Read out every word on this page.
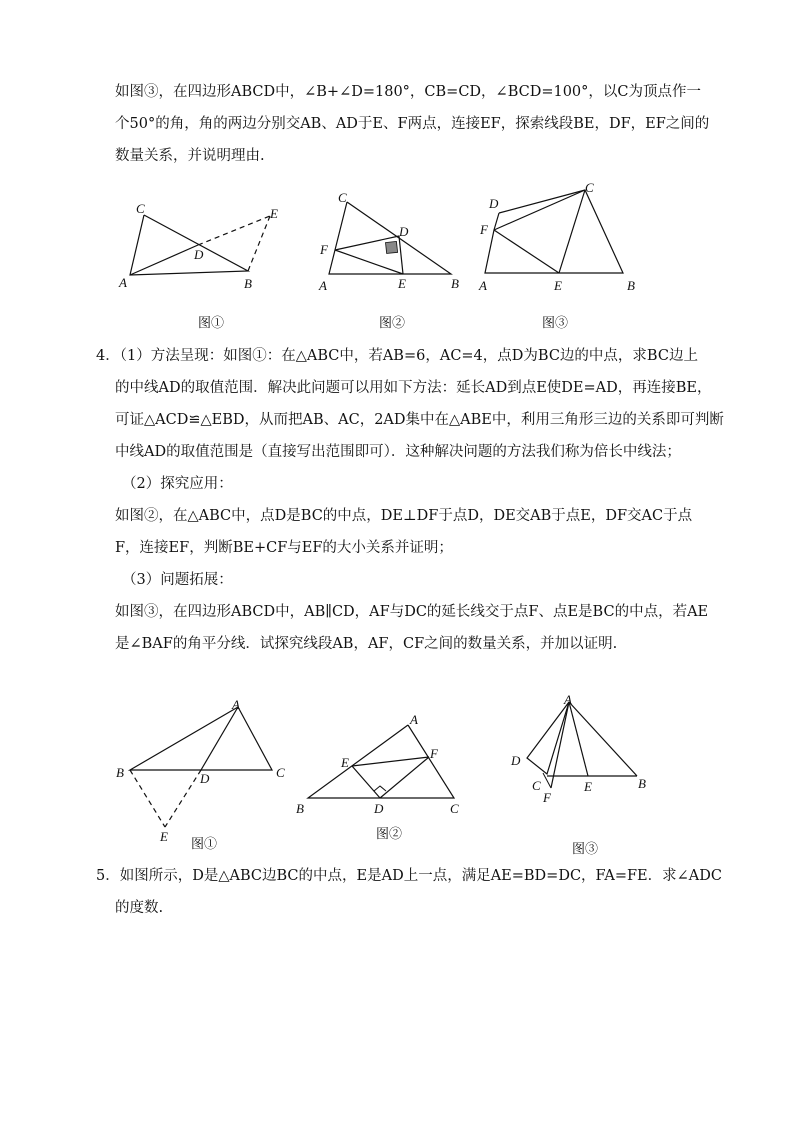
如图③，在四边形ABCD中，∠B+∠D=180°，CB=CD，∠BCD=100°，以C为顶点作一
个50°的角，角的两边分别交AB、AD于E、F两点，连接EF，探索线段BE，DF，EF之间的
数量关系，并说明理由.
C
D
E
A	B
图①
C
D
F
A	E	B
图②
D
C
F
A	E	B
图③
4．（1）方法呈现：如图①：在△ABC中，若AB=6，AC=4，点D为BC边的中点，求BC边上
的中线AD的取值范围．解决此问题可以用如下方法：延长AD到点E使DE=AD，再连接BE，
可证△ACD≌△EBD，从而把AB、AC，2AD集中在△ABE中，利用三角形三边的关系即可判断
中线AD的取值范围是（直接写出范围即可）．这种解决问题的方法我们称为倍长中线法；
（2）探究应用：
如图②，在△ABC中，点D是BC的中点，DE⊥DF于点D，DE交AB于点E，DF交AC于点
F，连接EF，判断BE+CF与EF的大小关系并证明；
（3）问题拓展：
如图③，在四边形ABCD中，AB∥CD，AF与DC的延长线交于点F、点E是BC的中点，若AE
是∠BAF的角平分线．试探究线段AB，AF，CF之间的数量关系，并加以证明.
A
B	C
D
E
图①
A
E
F
B	D	C
图②
A
D
C
F
E	B
图③
5．如图所示，D是△ABC边BC的中点，E是AD上一点，满足AE=BD=DC，FA=FE．求∠ADC
的度数.
